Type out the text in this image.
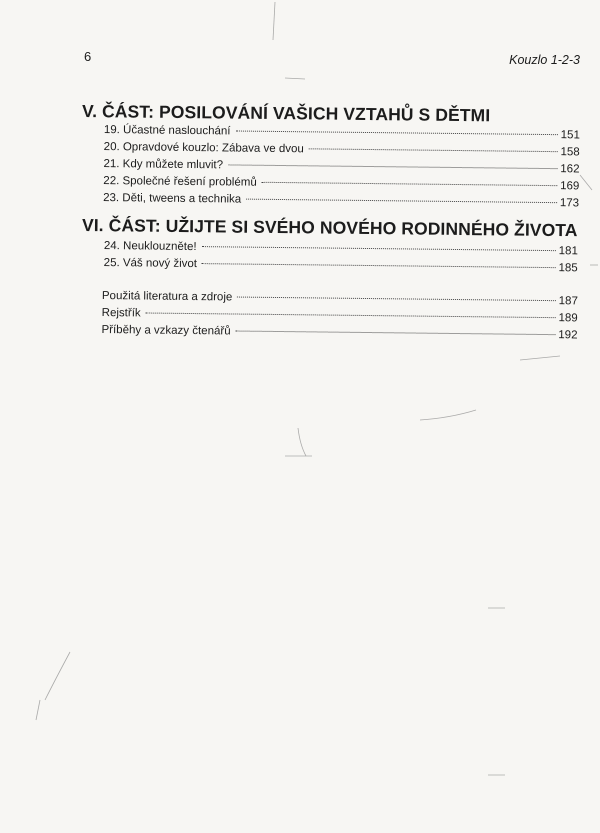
6	Kouzlo 1-2-3
V. ČÁST: POSILOVÁNÍ VAŠICH VZTAHŮ S DĚTMI
19. Účastné naslouchání	151
20. Opravdové kouzlo: Zábava ve dvou	158
21. Kdy můžete mluvit?	162
22. Společné řešení problémů	169
23. Děti, tweens a technika	173
VI. ČÁST: UŽIJTE SI SVÉHO NOVÉHO RODINNÉHO ŽIVOTA
24. Neuklouzněte!	181
25. Váš nový život	185
Použitá literatura a zdroje	187
Rejstřík	189
Příběhy a vzkazy čtenářů	192
